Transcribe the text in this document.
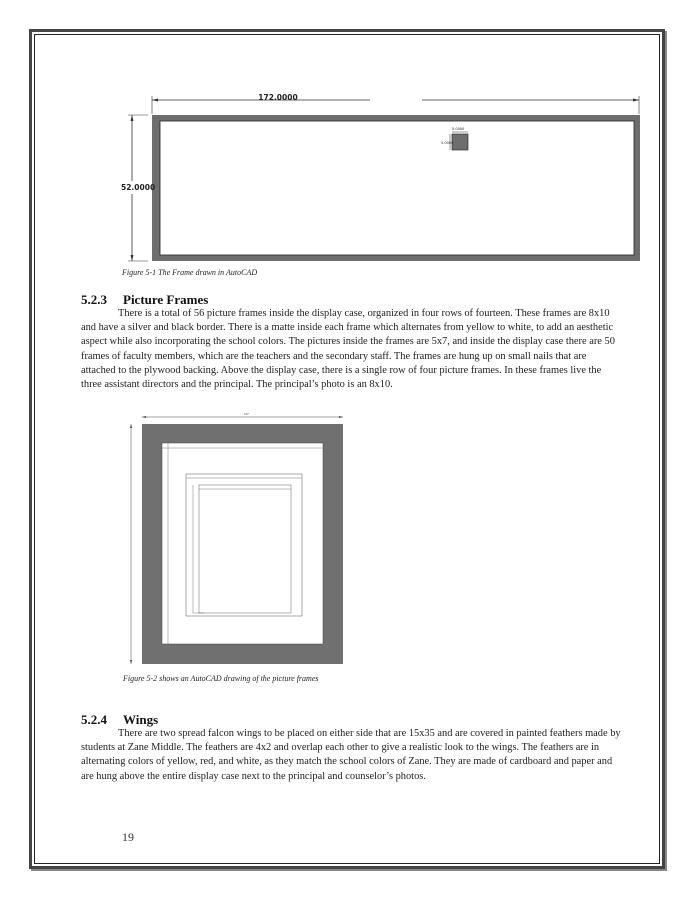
172.0000
52.0000
5.0000
5.0000
Figure 5-1 The Frame drawn in AutoCAD
5.2.3 Picture Frames

There is a total of 56 picture frames inside the display case, organized in four rows of fourteen. These frames are 8x10 and have a silver and black border. There is a matte inside each frame which alternates from yellow to white, to add an aesthetic aspect while also incorporating the school colors. The pictures inside the frames are 5x7, and inside the display case there are 50 frames of faculty members, which are the teachers and the secondary staff. The frames are hung up on small nails that are attached to the plywood backing. Above the display case, there is a single row of four picture frames. In these frames live the three assistant directors and the principal. The principal’s photo is an 8x10.

10"
Figure 5-2 shows an AutoCAD drawing of the picture frames
5.2.4 Wings

There are two spread falcon wings to be placed on either side that are 15x35 and are covered in painted feathers made by students at Zane Middle. The feathers are 4x2 and overlap each other to give a realistic look to the wings. The feathers are in alternating colors of yellow, red, and white, as they match the school colors of Zane. They are made of cardboard and paper and are hung above the entire display case next to the principal and counselor’s photos.

19
